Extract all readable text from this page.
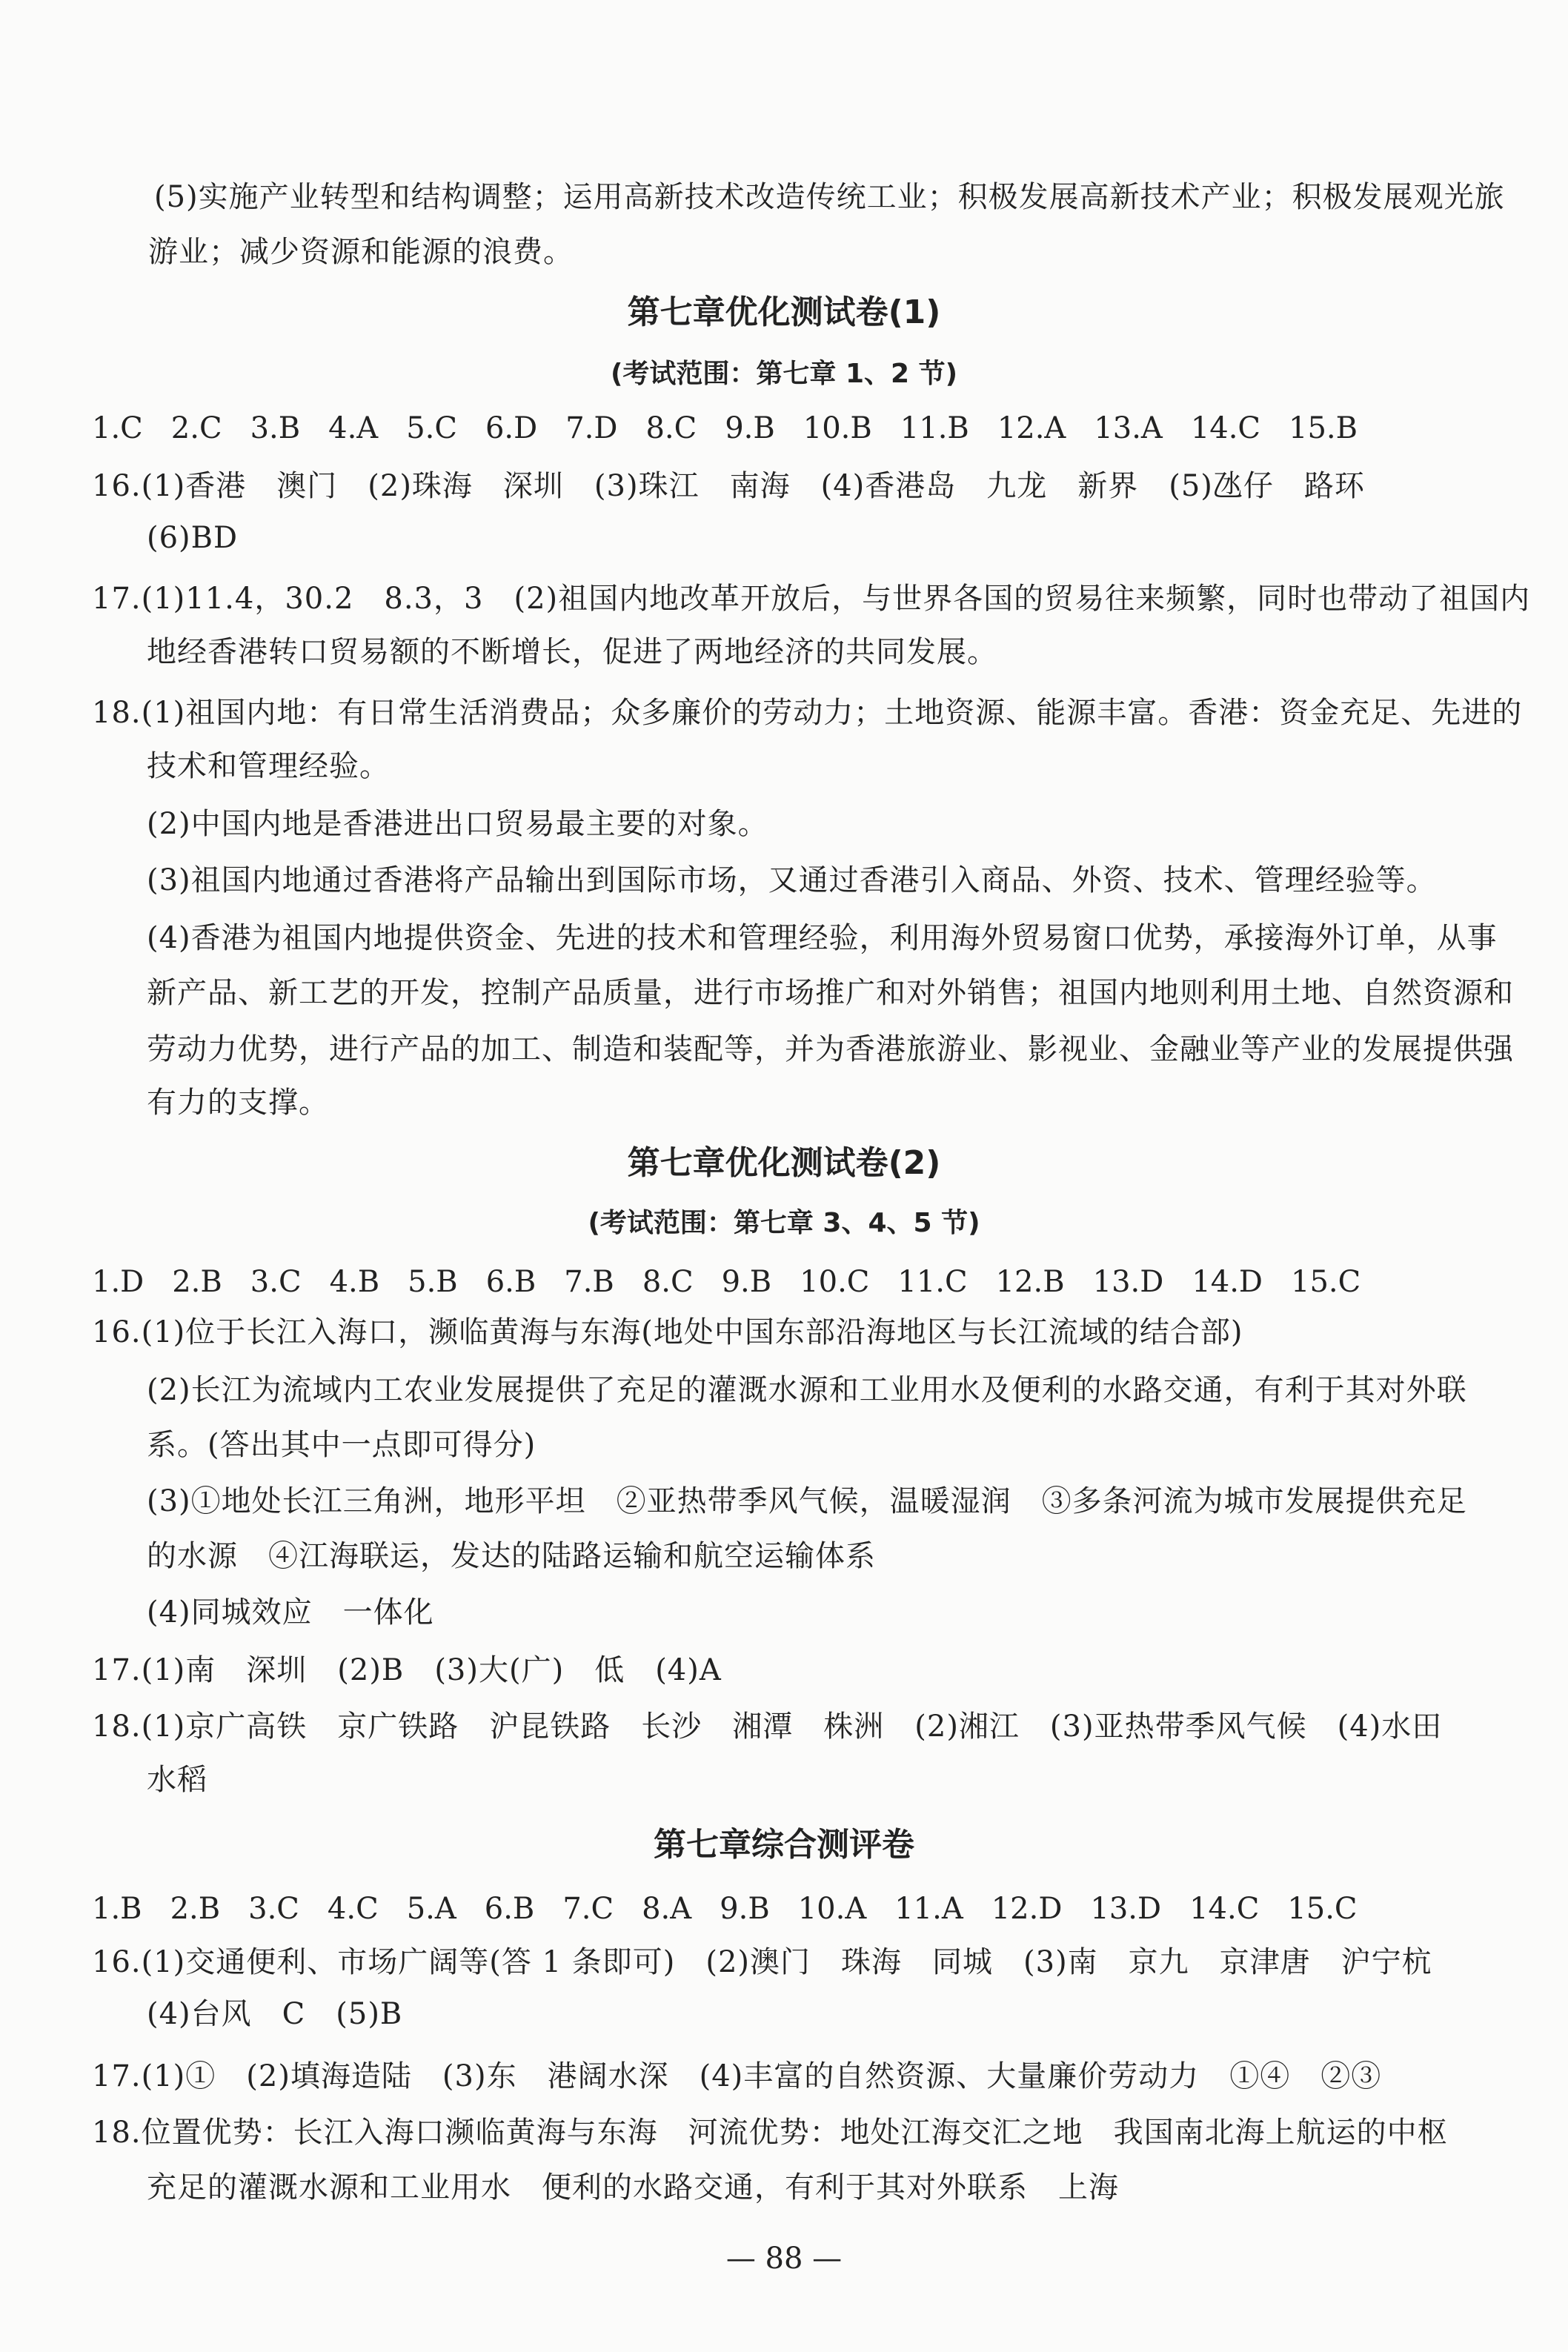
(5)实施产业转型和结构调整；运用高新技术改造传统工业；积极发展高新技术产业；积极发展观光旅
游业；减少资源和能源的浪费。
第七章优化测试卷(1)
(考试范围：第七章 1、2 节)
1.C 2.C 3.B 4.A 5.C 6.D 7.D 8.C 9.B 10.B 11.B 12.A 13.A 14.C 15.B
16.(1)香港　澳门　(2)珠海　深圳　(3)珠江　南海　(4)香港岛　九龙　新界　(5)氹仔　路环
(6)BD
17.(1)11.4，30.2　8.3，3　(2)祖国内地改革开放后，与世界各国的贸易往来频繁，同时也带动了祖国内
地经香港转口贸易额的不断增长，促进了两地经济的共同发展。
18.(1)祖国内地：有日常生活消费品；众多廉价的劳动力；土地资源、能源丰富。香港：资金充足、先进的
技术和管理经验。
(2)中国内地是香港进出口贸易最主要的对象。
(3)祖国内地通过香港将产品输出到国际市场，又通过香港引入商品、外资、技术、管理经验等。
(4)香港为祖国内地提供资金、先进的技术和管理经验，利用海外贸易窗口优势，承接海外订单，从事
新产品、新工艺的开发，控制产品质量，进行市场推广和对外销售；祖国内地则利用土地、自然资源和
劳动力优势，进行产品的加工、制造和装配等，并为香港旅游业、影视业、金融业等产业的发展提供强
有力的支撑。
第七章优化测试卷(2)
(考试范围：第七章 3、4、5 节)
1.D 2.B 3.C 4.B 5.B 6.B 7.B 8.C 9.B 10.C 11.C 12.B 13.D 14.D 15.C
16.(1)位于长江入海口，濒临黄海与东海(地处中国东部沿海地区与长江流域的结合部)
(2)长江为流域内工农业发展提供了充足的灌溉水源和工业用水及便利的水路交通，有利于其对外联
系。(答出其中一点即可得分)
(3)①地处长江三角洲，地形平坦　②亚热带季风气候，温暖湿润　③多条河流为城市发展提供充足
的水源　④江海联运，发达的陆路运输和航空运输体系
(4)同城效应　一体化
17.(1)南　深圳　(2)B　(3)大(广)　低　(4)A
18.(1)京广高铁　京广铁路　沪昆铁路　长沙　湘潭　株洲　(2)湘江　(3)亚热带季风气候　(4)水田
水稻
第七章综合测评卷
1.B 2.B 3.C 4.C 5.A 6.B 7.C 8.A 9.B 10.A 11.A 12.D 13.D 14.C 15.C
16.(1)交通便利、市场广阔等(答 1 条即可)　(2)澳门　珠海　同城　(3)南　京九　京津唐　沪宁杭
(4)台风　C　(5)B
17.(1)①　(2)填海造陆　(3)东　港阔水深　(4)丰富的自然资源、大量廉价劳动力　①④　②③
18.位置优势：长江入海口濒临黄海与东海　河流优势：地处江海交汇之地　我国南北海上航运的中枢
充足的灌溉水源和工业用水　便利的水路交通，有利于其对外联系　上海
— 88 —
